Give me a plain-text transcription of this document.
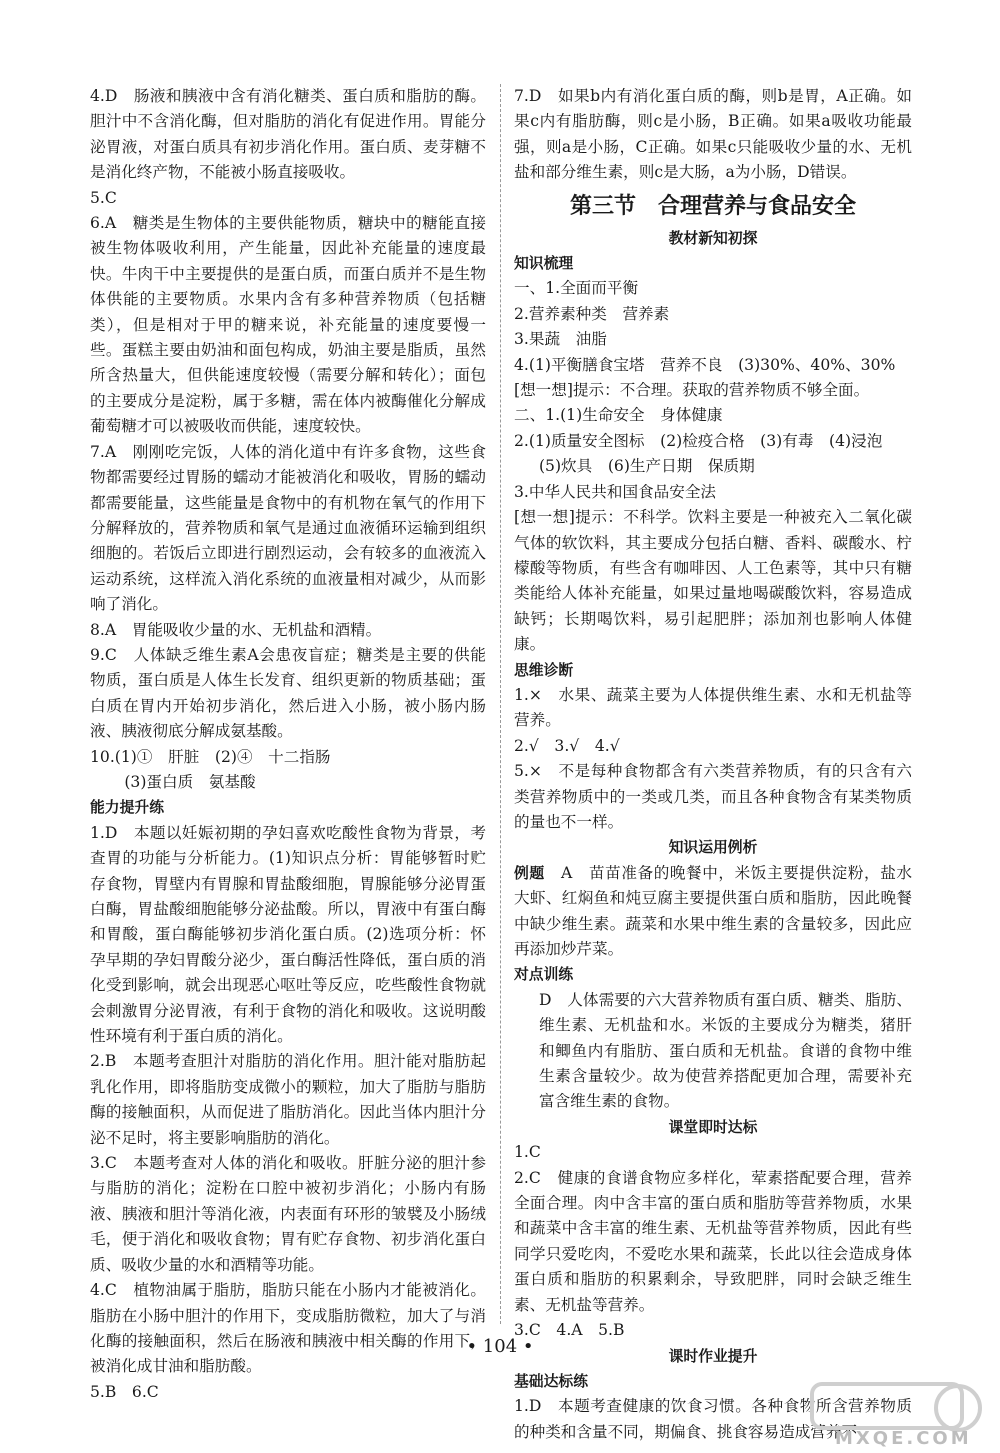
4.D　肠液和胰液中含有消化糖类、蛋白质和脂肪的酶。胆汁中不含消化酶，但对脂肪的消化有促进作用。胃能分泌胃液，对蛋白质具有初步消化作用。蛋白质、麦芽糖不是消化终产物，不能被小肠直接吸收。

5.C

6.A　糖类是生物体的主要供能物质，糖块中的糖能直接被生物体吸收利用，产生能量，因此补充能量的速度最快。牛肉干中主要提供的是蛋白质，而蛋白质并不是生物体供能的主要物质。水果内含有多种营养物质（包括糖类），但是相对于甲的糖来说，补充能量的速度要慢一些。蛋糕主要由奶油和面包构成，奶油主要是脂质，虽然所含热量大，但供能速度较慢（需要分解和转化）；面包的主要成分是淀粉，属于多糖，需在体内被酶催化分解成葡萄糖才可以被吸收而供能，速度较快。

7.A　刚刚吃完饭，人体的消化道中有许多食物，这些食物都需要经过胃肠的蠕动才能被消化和吸收，胃肠的蠕动都需要能量，这些能量是食物中的有机物在氧气的作用下分解释放的，营养物质和氧气是通过血液循环运输到组织细胞的。若饭后立即进行剧烈运动，会有较多的血液流入运动系统，这样流入消化系统的血液量相对减少，从而影响了消化。

8.A　胃能吸收少量的水、无机盐和酒精。

9.C　人体缺乏维生素A会患夜盲症；糖类是主要的供能物质，蛋白质是人体生长发育、组织更新的物质基础；蛋白质在胃内开始初步消化，然后进入小肠，被小肠内肠液、胰液彻底分解成氨基酸。

10.(1)①　肝脏　(2)④　十二指肠

(3)蛋白质　氨基酸

能力提升练

1.D　本题以妊娠初期的孕妇喜欢吃酸性食物为背景，考查胃的功能与分析能力。(1)知识点分析：胃能够暂时贮存食物，胃壁内有胃腺和胃盐酸细胞，胃腺能够分泌胃蛋白酶，胃盐酸细胞能够分泌盐酸。所以，胃液中有蛋白酶和胃酸，蛋白酶能够初步消化蛋白质。(2)选项分析：怀孕早期的孕妇胃酸分泌少，蛋白酶活性降低，蛋白质的消化受到影响，就会出现恶心呕吐等反应，吃些酸性食物就会刺激胃分泌胃液，有利于食物的消化和吸收。这说明酸性环境有利于蛋白质的消化。

2.B　本题考查胆汁对脂肪的消化作用。胆汁能对脂肪起乳化作用，即将脂肪变成微小的颗粒，加大了脂肪与脂肪酶的接触面积，从而促进了脂肪消化。因此当体内胆汁分泌不足时，将主要影响脂肪的消化。

3.C　本题考查对人体的消化和吸收。肝脏分泌的胆汁参与脂肪的消化；淀粉在口腔中被初步消化；小肠内有肠液、胰液和胆汁等消化液，内表面有环形的皱襞及小肠绒毛，便于消化和吸收食物；胃有贮存食物、初步消化蛋白质、吸收少量的水和酒精等功能。

4.C　植物油属于脂肪，脂肪只能在小肠内才能被消化。脂肪在小肠中胆汁的作用下，变成脂肪微粒，加大了与消化酶的接触面积，然后在肠液和胰液中相关酶的作用下，被消化成甘油和脂肪酸。

5.B　6.C

7.D　如果b内有消化蛋白质的酶，则b是胃，A正确。如果c内有脂肪酶，则c是小肠，B正确。如果a吸收功能最强，则a是小肠，C正确。如果c只能吸收少量的水、无机盐和部分维生素，则c是大肠，a为小肠，D错误。

第三节　合理营养与食品安全

教材新知初探

知识梳理

一、1.全面而平衡

2.营养素种类　营养素

3.果蔬　油脂

4.(1)平衡膳食宝塔　营养不良　(3)30%、40%、30%

[想一想]提示：不合理。获取的营养物质不够全面。

二、1.(1)生命安全　身体健康

2.(1)质量安全图标　(2)检疫合格　(3)有毒　(4)浸泡

(5)炊具　(6)生产日期　保质期

3.中华人民共和国食品安全法

[想一想]提示：不科学。饮料主要是一种被充入二氧化碳气体的软饮料，其主要成分包括白糖、香料、碳酸水、柠檬酸等物质，有些含有咖啡因、人工色素等，其中只有糖类能给人体补充能量，如果过量地喝碳酸饮料，容易造成缺钙；长期喝饮料，易引起肥胖；添加剂也影响人体健康。

思维诊断

1.×　水果、蔬菜主要为人体提供维生素、水和无机盐等营养。

2.√　3.√　4.√

5.×　不是每种食物都含有六类营养物质，有的只含有六类营养物质中的一类或几类，而且各种食物含有某类物质的量也不一样。

知识运用例析

例题　 A　苗苗准备的晚餐中，米饭主要提供淀粉，盐水大虾、红焖鱼和炖豆腐主要提供蛋白质和脂肪，因此晚餐中缺少维生素。蔬菜和水果中维生素的含量较多，因此应再添加炒芹菜。

对点训练

D　人体需要的六大营养物质有蛋白质、糖类、脂肪、维生素、无机盐和水。米饭的主要成分为糖类，猪肝和鲫鱼内有脂肪、蛋白质和无机盐。食谱的食物中维生素含量较少。故为使营养搭配更加合理，需要补充富含维生素的食物。

课堂即时达标

1.C

2.C　健康的食谱食物应多样化，荤素搭配要合理，营养全面合理。肉中含丰富的蛋白质和脂肪等营养物质，水果和蔬菜中含丰富的维生素、无机盐等营养物质，因此有些同学只爱吃肉，不爱吃水果和蔬菜，长此以往会造成身体蛋白质和脂肪的积累剩余，导致肥胖，同时会缺乏维生素、无机盐等营养。

3.C　4.A　5.B

课时作业提升

基础达标练

1.D　本题考查健康的饮食习惯。各种食物所含营养物质的种类和含量不同，期偏食、挑食容易造成营养不

• 104 •
MXQE.COM
